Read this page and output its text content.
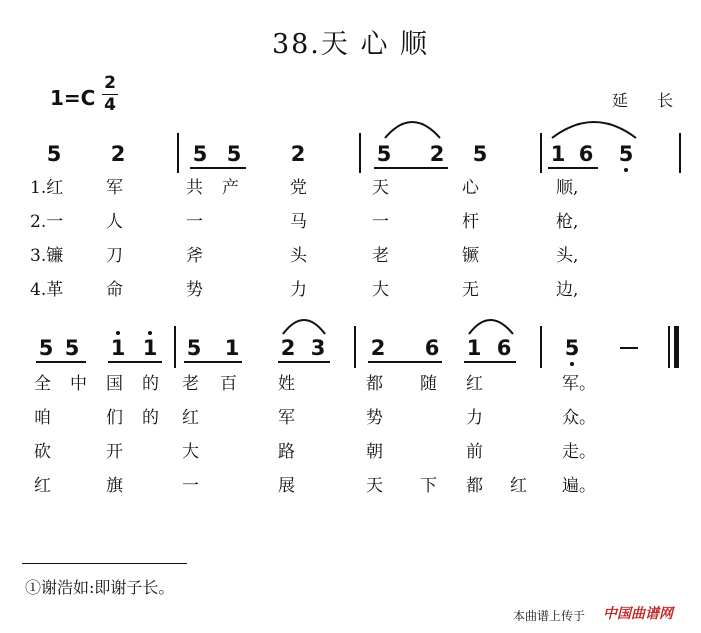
38.天 心 顺
1=C
2
4	延 长
5 2	5 5 2	5 2 5	1 6 5
1.红	军	共 产	党	天	心	顺,
2.一	人	一	马	一	杆	枪,
3.镰	刀	斧	头	老	镢	头,
4.革	命	势	力	大	无	边,
5 5 1 1 5 1 2 3 2 6 1 6	5
全 中 国 的 老 百 姓	都 随 红	军。
咱	们 的 红	军	势	力	众。
砍	开	大	路	朝	前	走。
红	旗	一	展	天 下 都 红 遍。
①谢浩如:即谢子长。
本曲谱上传于 中国曲谱网
